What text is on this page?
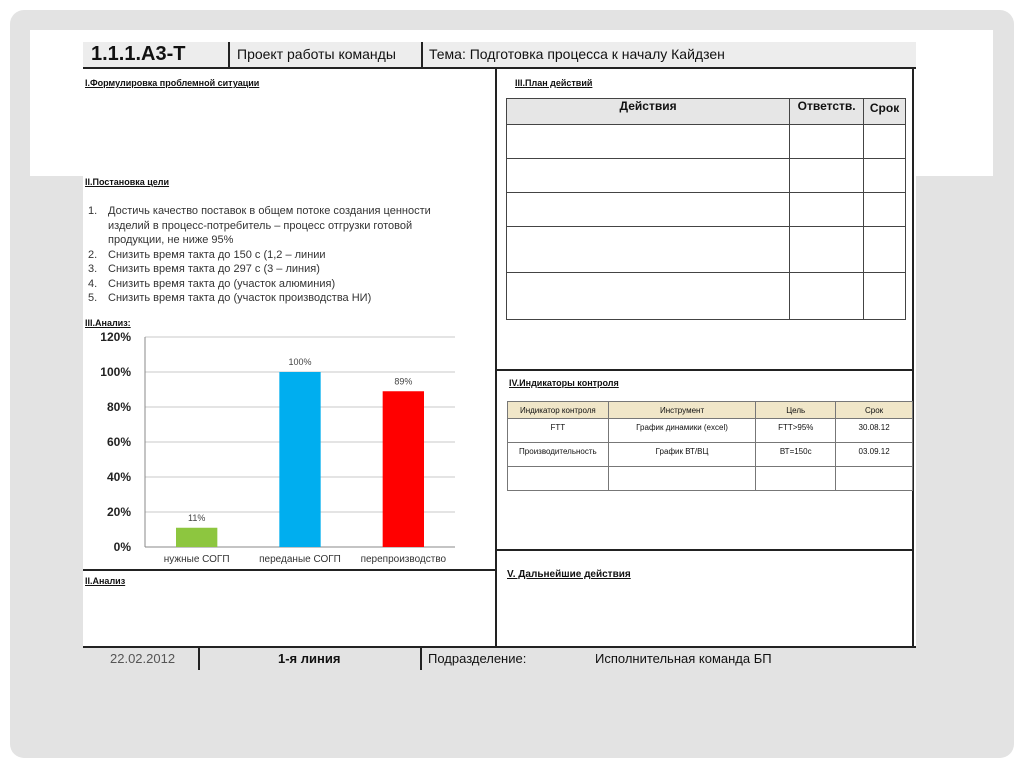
1.1.1.А3-Т	Проект работы команды Тема: Подготовка процесса к началу Кайдзен
I.Формулировка проблемной ситуации
II.Постановка цели
1. Достичь качество поставок в общем потоке создания ценности
изделий в процесс-потребитель – процесс отгрузки готовой
продукции, не ниже 95%
2. Снизить время такта до 150 с (1,2 – линии
3. Снизить время такта до 297 с (3 – линия)
4. Снизить время такта до (участок алюминия)
5. Снизить время такта до (участок производства НИ)
III.Анализ:
0%
20%
40%
60%
80%
100%
120%
11%
нужные СОГП
100%
переданые СОГП
89%
перепроизводство
II.Анализ
III.План действий
Действия	Ответств.	Срок

IV.Индикаторы контроля
Индикатор контроля	Инструмент	Цель	Срок
FTT	График динамики (excel)	FTT>95%	30.08.12
Производительность	График ВТ/ВЦ	ВТ=150с	03.09.12

V. Дальнейшие действия
22.02.2012	1-я линия	Подразделение:	Исполнительная команда БП
